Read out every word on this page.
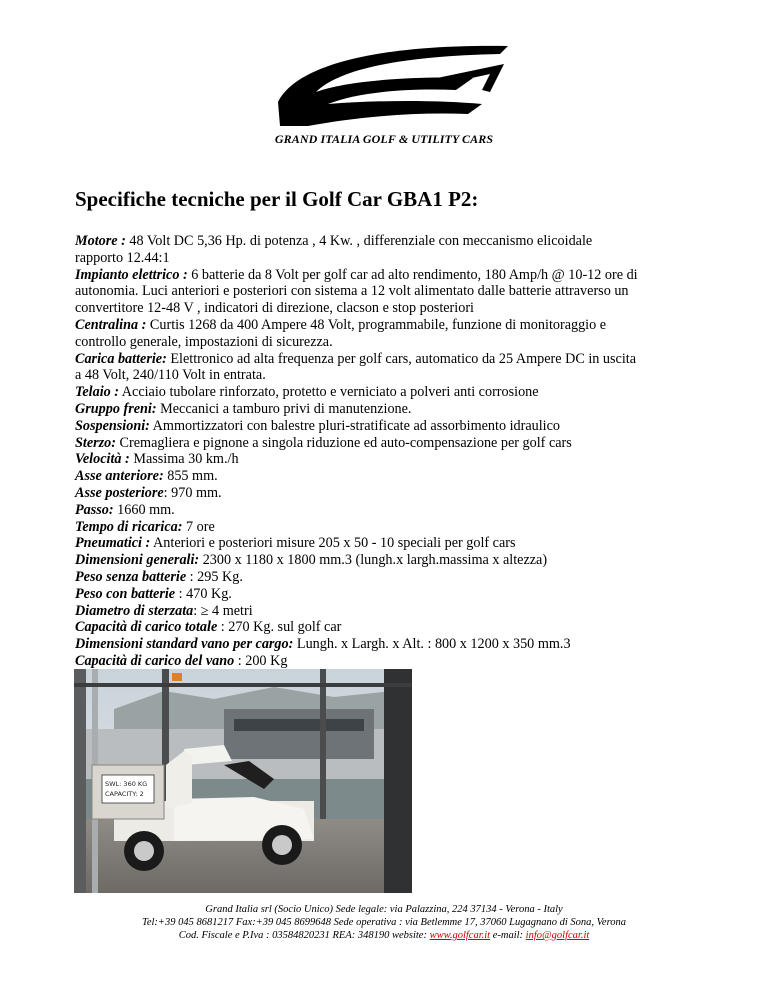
GRAND ITALIA GOLF & UTILITY CARS
Specifiche tecniche per il Golf Car GBA1 P2:
Motore : 48 Volt DC 5,36 Hp. di potenza , 4 Kw. , differenziale con meccanismo elicoidale
rapporto 12.44:1
Impianto elettrico : 6 batterie da 8 Volt per golf car ad alto rendimento, 180 Amp/h @ 10-12 ore di
autonomia. Luci anteriori e posteriori con sistema a 12 volt alimentato dalle batterie attraverso un
convertitore 12-48 V , indicatori di direzione, clacson e stop posteriori
Centralina : Curtis 1268 da 400 Ampere 48 Volt, programmabile, funzione di monitoraggio e
controllo generale, impostazioni di sicurezza.
Carica batterie: Elettronico ad alta frequenza per golf cars, automatico da 25 Ampere DC in uscita
a 48 Volt, 240/110 Volt in entrata.
Telaio : Acciaio tubolare rinforzato, protetto e verniciato a polveri anti corrosione
Gruppo freni: Meccanici a tamburo privi di manutenzione.
Sospensioni: Ammortizzatori con balestre pluri-stratificate ad assorbimento idraulico
Sterzo: Cremagliera e pignone a singola riduzione ed auto-compensazione per golf cars
Velocità : Massima 30 km./h
Asse anteriore: 855 mm.
Asse posteriore: 970 mm.
Passo: 1660 mm.
Tempo di ricarica: 7 ore
Pneumatici : Anteriori e posteriori misure 205 x 50 - 10 speciali per golf cars
Dimensioni generali: 2300 x 1180 x 1800 mm.3 (lungh.x largh.massima x altezza)
Peso senza batterie : 295 Kg.
Peso con batterie : 470 Kg.
Diametro di sterzata: ≥ 4 metri
Capacità di carico totale : 270 Kg. sul golf car
Dimensioni standard vano per cargo: Lungh. x Largh. x Alt. : 800 x 1200 x 350 mm.3
Capacità di carico del vano : 200 Kg
SWL: 360 KG
CAPACITY: 2
Grand Italia srl (Socio Unico) Sede legale: via Palazzina, 224 37134 - Verona - Italy
Tel:+39 045 8681217 Fax:+39 045 8699648 Sede operativa : via Betlemme 17, 37060 Lugagnano di Sona, Verona
Cod. Fiscale e P.Iva : 03584820231 REA: 348190 website: www.golfcar.it e-mail: info@golfcar.it
